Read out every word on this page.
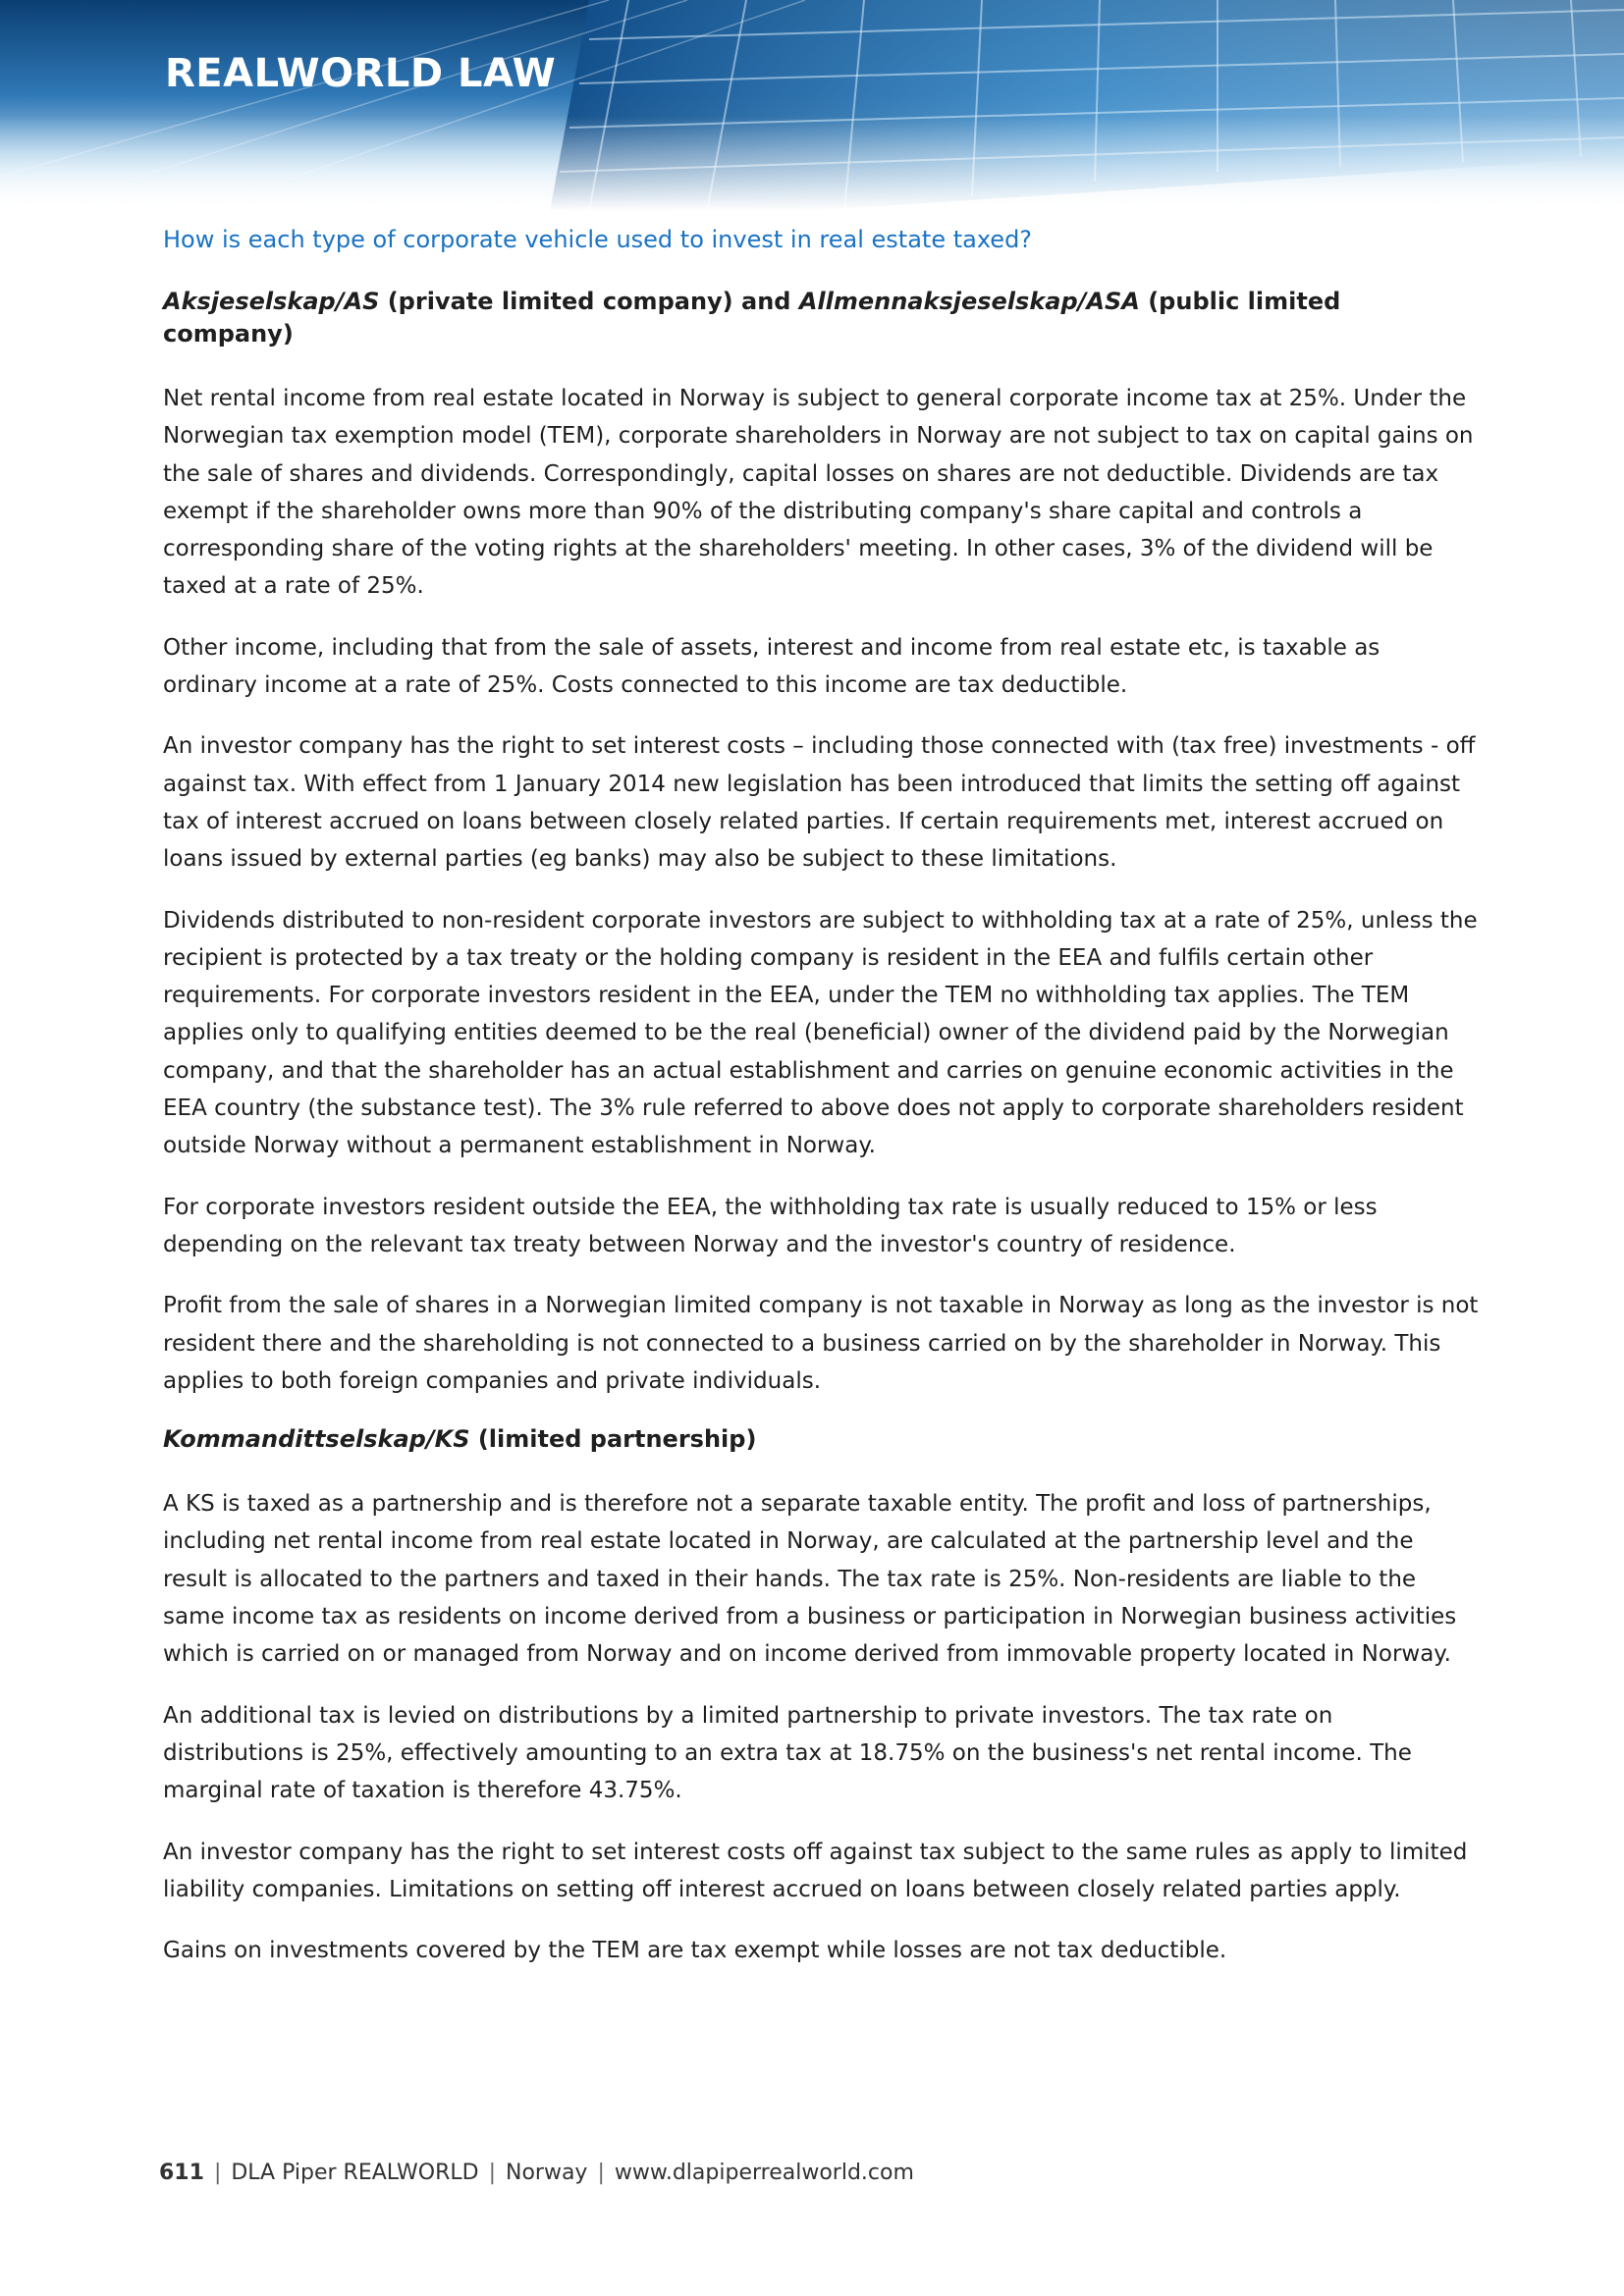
REALWORLD LAW
How is each type of corporate vehicle used to invest in real estate taxed?
Aksjeselskap/AS (private limited company) and Allmennaksjeselskap/ASA (public limited company)

Net rental income from real estate located in Norway is subject to general corporate income tax at 25%. Under the Norwegian tax exemption model (TEM), corporate shareholders in Norway are not subject to tax on capital gains on the sale of shares and dividends. Correspondingly, capital losses on shares are not deductible. Dividends are tax exempt if the shareholder owns more than 90% of the distributing company's share capital and controls a corresponding share of the voting rights at the shareholders' meeting. In other cases, 3% of the dividend will be taxed at a rate of 25%.

Other income, including that from the sale of assets, interest and income from real estate etc, is taxable as ordinary income at a rate of 25%. Costs connected to this income are tax deductible.

An investor company has the right to set interest costs – including those connected with (tax free) investments - off against tax. With effect from 1 January 2014 new legislation has been introduced that limits the setting off against tax of interest accrued on loans between closely related parties. If certain requirements met, interest accrued on loans issued by external parties (eg banks) may also be subject to these limitations.

Dividends distributed to non-resident corporate investors are subject to withholding tax at a rate of 25%, unless the recipient is protected by a tax treaty or the holding company is resident in the EEA and fulfils certain other requirements. For corporate investors resident in the EEA, under the TEM no withholding tax applies. The TEM applies only to qualifying entities deemed to be the real (beneficial) owner of the dividend paid by the Norwegian company, and that the shareholder has an actual establishment and carries on genuine economic activities in the EEA country (the substance test). The 3% rule referred to above does not apply to corporate shareholders resident outside Norway without a permanent establishment in Norway.

For corporate investors resident outside the EEA, the withholding tax rate is usually reduced to 15% or less depending on the relevant tax treaty between Norway and the investor's country of residence.

Profit from the sale of shares in a Norwegian limited company is not taxable in Norway as long as the investor is not resident there and the shareholding is not connected to a business carried on by the shareholder in Norway. This applies to both foreign companies and private individuals.

Kommandittselskap/KS (limited partnership)

A KS is taxed as a partnership and is therefore not a separate taxable entity. The profit and loss of partnerships, including net rental income from real estate located in Norway, are calculated at the partnership level and the result is allocated to the partners and taxed in their hands. The tax rate is 25%. Non-residents are liable to the same income tax as residents on income derived from a business or participation in Norwegian business activities which is carried on or managed from Norway and on income derived from immovable property located in Norway.

An additional tax is levied on distributions by a limited partnership to private investors. The tax rate on distributions is 25%, effectively amounting to an extra tax at 18.75% on the business's net rental income. The marginal rate of taxation is therefore 43.75%.

An investor company has the right to set interest costs off against tax subject to the same rules as apply to limited liability companies. Limitations on setting off interest accrued on loans between closely related parties apply.

Gains on investments covered by the TEM are tax exempt while losses are not tax deductible.

611 | DLA Piper REALWORLD | Norway | www.dlapiperrealworld.com
